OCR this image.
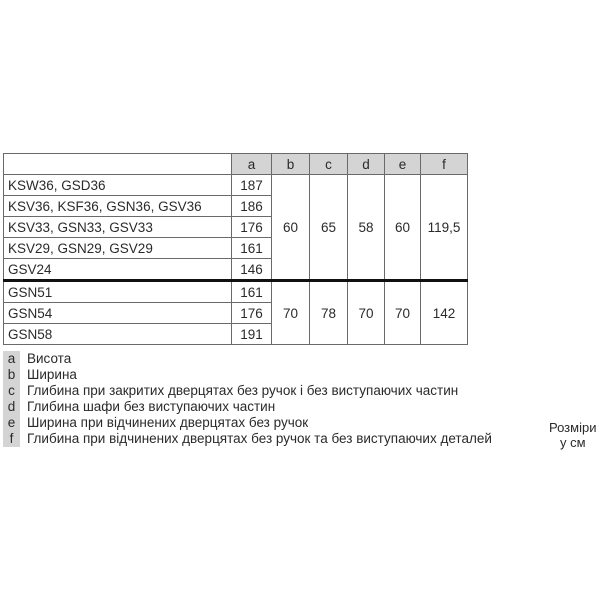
	a	b	c	d	e	f
KSW36, GSD36	187	60	65	58	60	119,5
KSV36, KSF36, GSN36, GSV36	186					
KSV33, GSN33, GSV33	176					
KSV29, GSN29, GSV29	161					
GSV24	146					
GSN51	161	70	78	70	70	142
GSN54	176					
GSN58	191					
a Висота
b Ширина
c Глибина при закритих дверцятах без ручок і без виступаючих частин
d Глибина шафи без виступаючих частин
e Ширина при відчинених дверцятах без ручок
f	Глибина при відчинених дверцятах без ручок та без виступаючих деталей
Розміри
у см
